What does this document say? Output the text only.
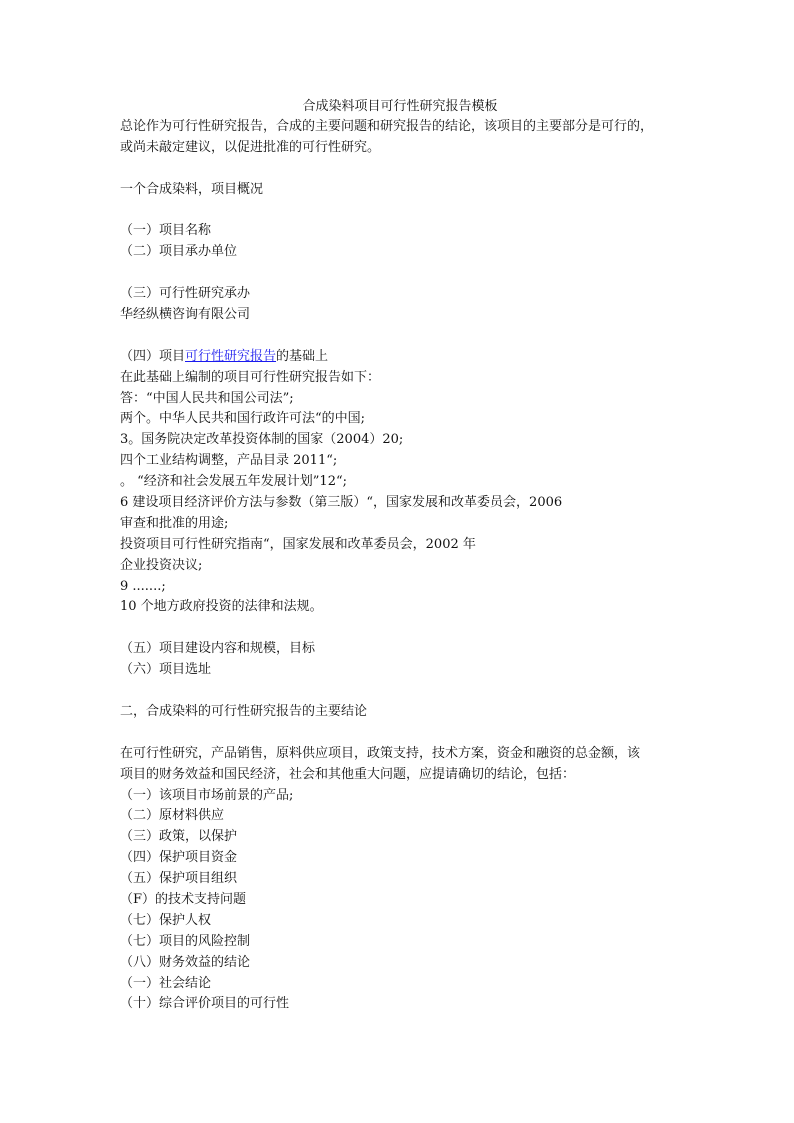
合成染料项目可行性研究报告模板
总论作为可行性研究报告，合成的主要问题和研究报告的结论，该项目的主要部分是可行的，
或尚未敲定建议，以促进批准的可行性研究。
一个合成染料，项目概况
（一）项目名称
（二）项目承办单位
（三）可行性研究承办
华经纵横咨询有限公司
（四）项目可行性研究报告的基础上
在此基础上编制的项目可行性研究报告如下：
答：“中国人民共和国公司法”;
两个。中华人民共和国行政许可法“的中国;
3。国务院决定改革投资体制的国家（2004）20;
四个工业结构调整，产品目录 2011“;
。 “经济和社会发展五年发展计划”12“;
6 建设项目经济评价方法与参数（第三版）“，国家发展和改革委员会，2006
审查和批准的用途;
投资项目可行性研究指南“，国家发展和改革委员会，2002 年
企业投资决议;
9 .......;
10 个地方政府投资的法律和法规。
（五）项目建设内容和规模，目标
（六）项目选址
二，合成染料的可行性研究报告的主要结论
在可行性研究，产品销售，原料供应项目，政策支持，技术方案，资金和融资的总金额，该
项目的财务效益和国民经济，社会和其他重大问题，应提请确切的结论，包括：
（一）该项目市场前景的产品;
（二）原材料供应
（三）政策，以保护
（四）保护项目资金
（五）保护项目组织
（F）的技术支持问题
（七）保护人权
（七）项目的风险控制
（八）财务效益的结论
（一）社会结论
（十）综合评价项目的可行性
